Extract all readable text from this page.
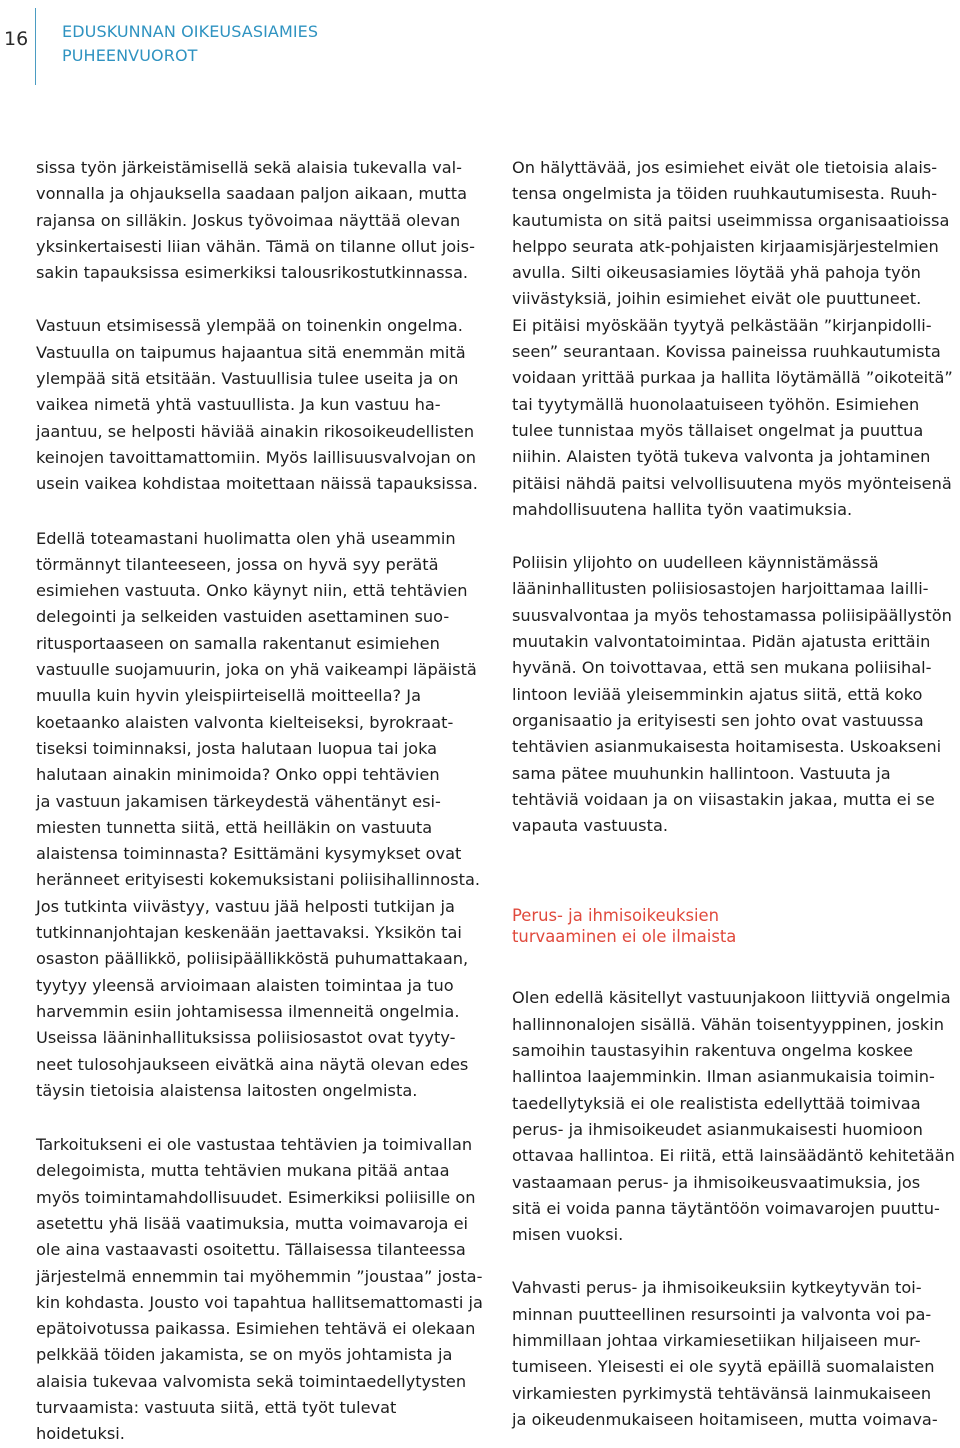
16 EDUSKUNNAN OIKEUSASIAMIES
PUHEENVUOROT

sissa työn järkeistämisellä sekä alaisia tukevalla val-
vonnalla ja ohjauksella saadaan paljon aikaan, mutta
rajansa on silläkin. Joskus työvoimaa näyttää olevan
yksinkertaisesti liian vähän. Tämä on tilanne ollut jois-
sakin tapauksissa esimerkiksi talousrikostutkinnassa.

Vastuun etsimisessä ylempää on toinenkin ongelma.
Vastuulla on taipumus hajaantua sitä enemmän mitä
ylempää sitä etsitään. Vastuullisia tulee useita ja on
vaikea nimetä yhtä vastuullista. Ja kun vastuu ha-
jaantuu, se helposti häviää ainakin rikosoikeudellisten
keinojen tavoittamattomiin. Myös laillisuusvalvojan on
usein vaikea kohdistaa moitettaan näissä tapauksissa.

Edellä toteamastani huolimatta olen yhä useammin
törmännyt tilanteeseen, jossa on hyvä syy perätä
esimiehen vastuuta. Onko käynyt niin, että tehtävien
delegointi ja selkeiden vastuiden asettaminen suo-
ritusportaaseen on samalla rakentanut esimiehen
vastuulle suojamuurin, joka on yhä vaikeampi läpäistä
muulla kuin hyvin yleispiirteisellä moitteella? Ja
koetaanko alaisten valvonta kielteiseksi, byrokraat-
tiseksi toiminnaksi, josta halutaan luopua tai joka
halutaan ainakin minimoida? Onko oppi tehtävien
ja vastuun jakamisen tärkeydestä vähentänyt esi-
miesten tunnetta siitä, että heilläkin on vastuuta
alaistensa toiminnasta? Esittämäni kysymykset ovat
heränneet erityisesti kokemuksistani poliisihallinnosta.
Jos tutkinta viivästyy, vastuu jää helposti tutkijan ja
tutkinnanjohtajan keskenään jaettavaksi. Yksikön tai
osaston päällikkö, poliisipäällikköstä puhumattakaan,
tyytyy yleensä arvioimaan alaisten toimintaa ja tuo
harvemmin esiin johtamisessa ilmenneitä ongelmia.
Useissa lääninhallituksissa poliisiosastot ovat tyyty-
neet tulosohjaukseen eivätkä aina näytä olevan edes
täysin tietoisia alaistensa laitosten ongelmista.

Tarkoitukseni ei ole vastustaa tehtävien ja toimivallan
delegoimista, mutta tehtävien mukana pitää antaa
myös toimintamahdollisuudet. Esimerkiksi poliisille on
asetettu yhä lisää vaatimuksia, mutta voimavaroja ei
ole aina vastaavasti osoitettu. Tällaisessa tilanteessa
järjestelmä ennemmin tai myöhemmin ”joustaa” josta-
kin kohdasta. Jousto voi tapahtua hallitsemattomasti ja
epätoivotussa paikassa. Esimiehen tehtävä ei olekaan
pelkkää töiden jakamista, se on myös johtamista ja
alaisia tukevaa valvomista sekä toimintaedellytysten
turvaamista: vastuuta siitä, että työt tulevat hoidetuksi.

On hälyttävää, jos esimiehet eivät ole tietoisia alais-
tensa ongelmista ja töiden ruuhkautumisesta. Ruuh-
kautumista on sitä paitsi useimmissa organisaatioissa
helppo seurata atk-pohjaisten kirjaamisjärjestelmien
avulla. Silti oikeusasiamies löytää yhä pahoja työn
viivästyksiä, joihin esimiehet eivät ole puuttuneet.
Ei pitäisi myöskään tyytyä pelkästään ”kirjanpidolli-
seen” seurantaan. Kovissa paineissa ruuhkautumista
voidaan yrittää purkaa ja hallita löytämällä ”oikoteitä”
tai tyytymällä huonolaatuiseen työhön. Esimiehen
tulee tunnistaa myös tällaiset ongelmat ja puuttua
niihin. Alaisten työtä tukeva valvonta ja johtaminen
pitäisi nähdä paitsi velvollisuutena myös myönteisenä
mahdollisuutena hallita työn vaatimuksia.

Poliisin ylijohto on uudelleen käynnistämässä
lääninhallitusten poliisiosastojen harjoittamaa lailli-
suusvalvontaa ja myös tehostamassa poliisipäällystön
muutakin valvontatoimintaa. Pidän ajatusta erittäin
hyvänä. On toivottavaa, että sen mukana poliisihal-
lintoon leviää yleisemminkin ajatus siitä, että koko
organisaatio ja erityisesti sen johto ovat vastuussa
tehtävien asianmukaisesta hoitamisesta. Uskoakseni
sama pätee muuhunkin hallintoon. Vastuuta ja
tehtäviä voidaan ja on viisastakin jakaa, mutta ei se
vapauta vastuusta.

Perus- ja ihmisoikeuksien
turvaaminen ei ole ilmaista

Olen edellä käsitellyt vastuunjakoon liittyviä ongelmia
hallinnonalojen sisällä. Vähän toisentyyppinen, joskin
samoihin taustasyihin rakentuva ongelma koskee
hallintoa laajemminkin. Ilman asianmukaisia toimin-
taedellytyksiä ei ole realistista edellyttää toimivaa
perus- ja ihmisoikeudet asianmukaisesti huomioon
ottavaa hallintoa. Ei riitä, että lainsäädäntö kehitetään
vastaamaan perus- ja ihmisoikeusvaatimuksia, jos
sitä ei voida panna täytäntöön voimavarojen puuttu-
misen vuoksi.

Vahvasti perus- ja ihmisoikeuksiin kytkeytyvän toi-
minnan puutteellinen resursointi ja valvonta voi pa-
himmillaan johtaa virkamiesetiikan hiljaiseen mur-
tumiseen. Yleisesti ei ole syytä epäillä suomalaisten
virkamiesten pyrkimystä tehtävänsä lainmukaiseen
ja oikeudenmukaiseen hoitamiseen, mutta voimava-
